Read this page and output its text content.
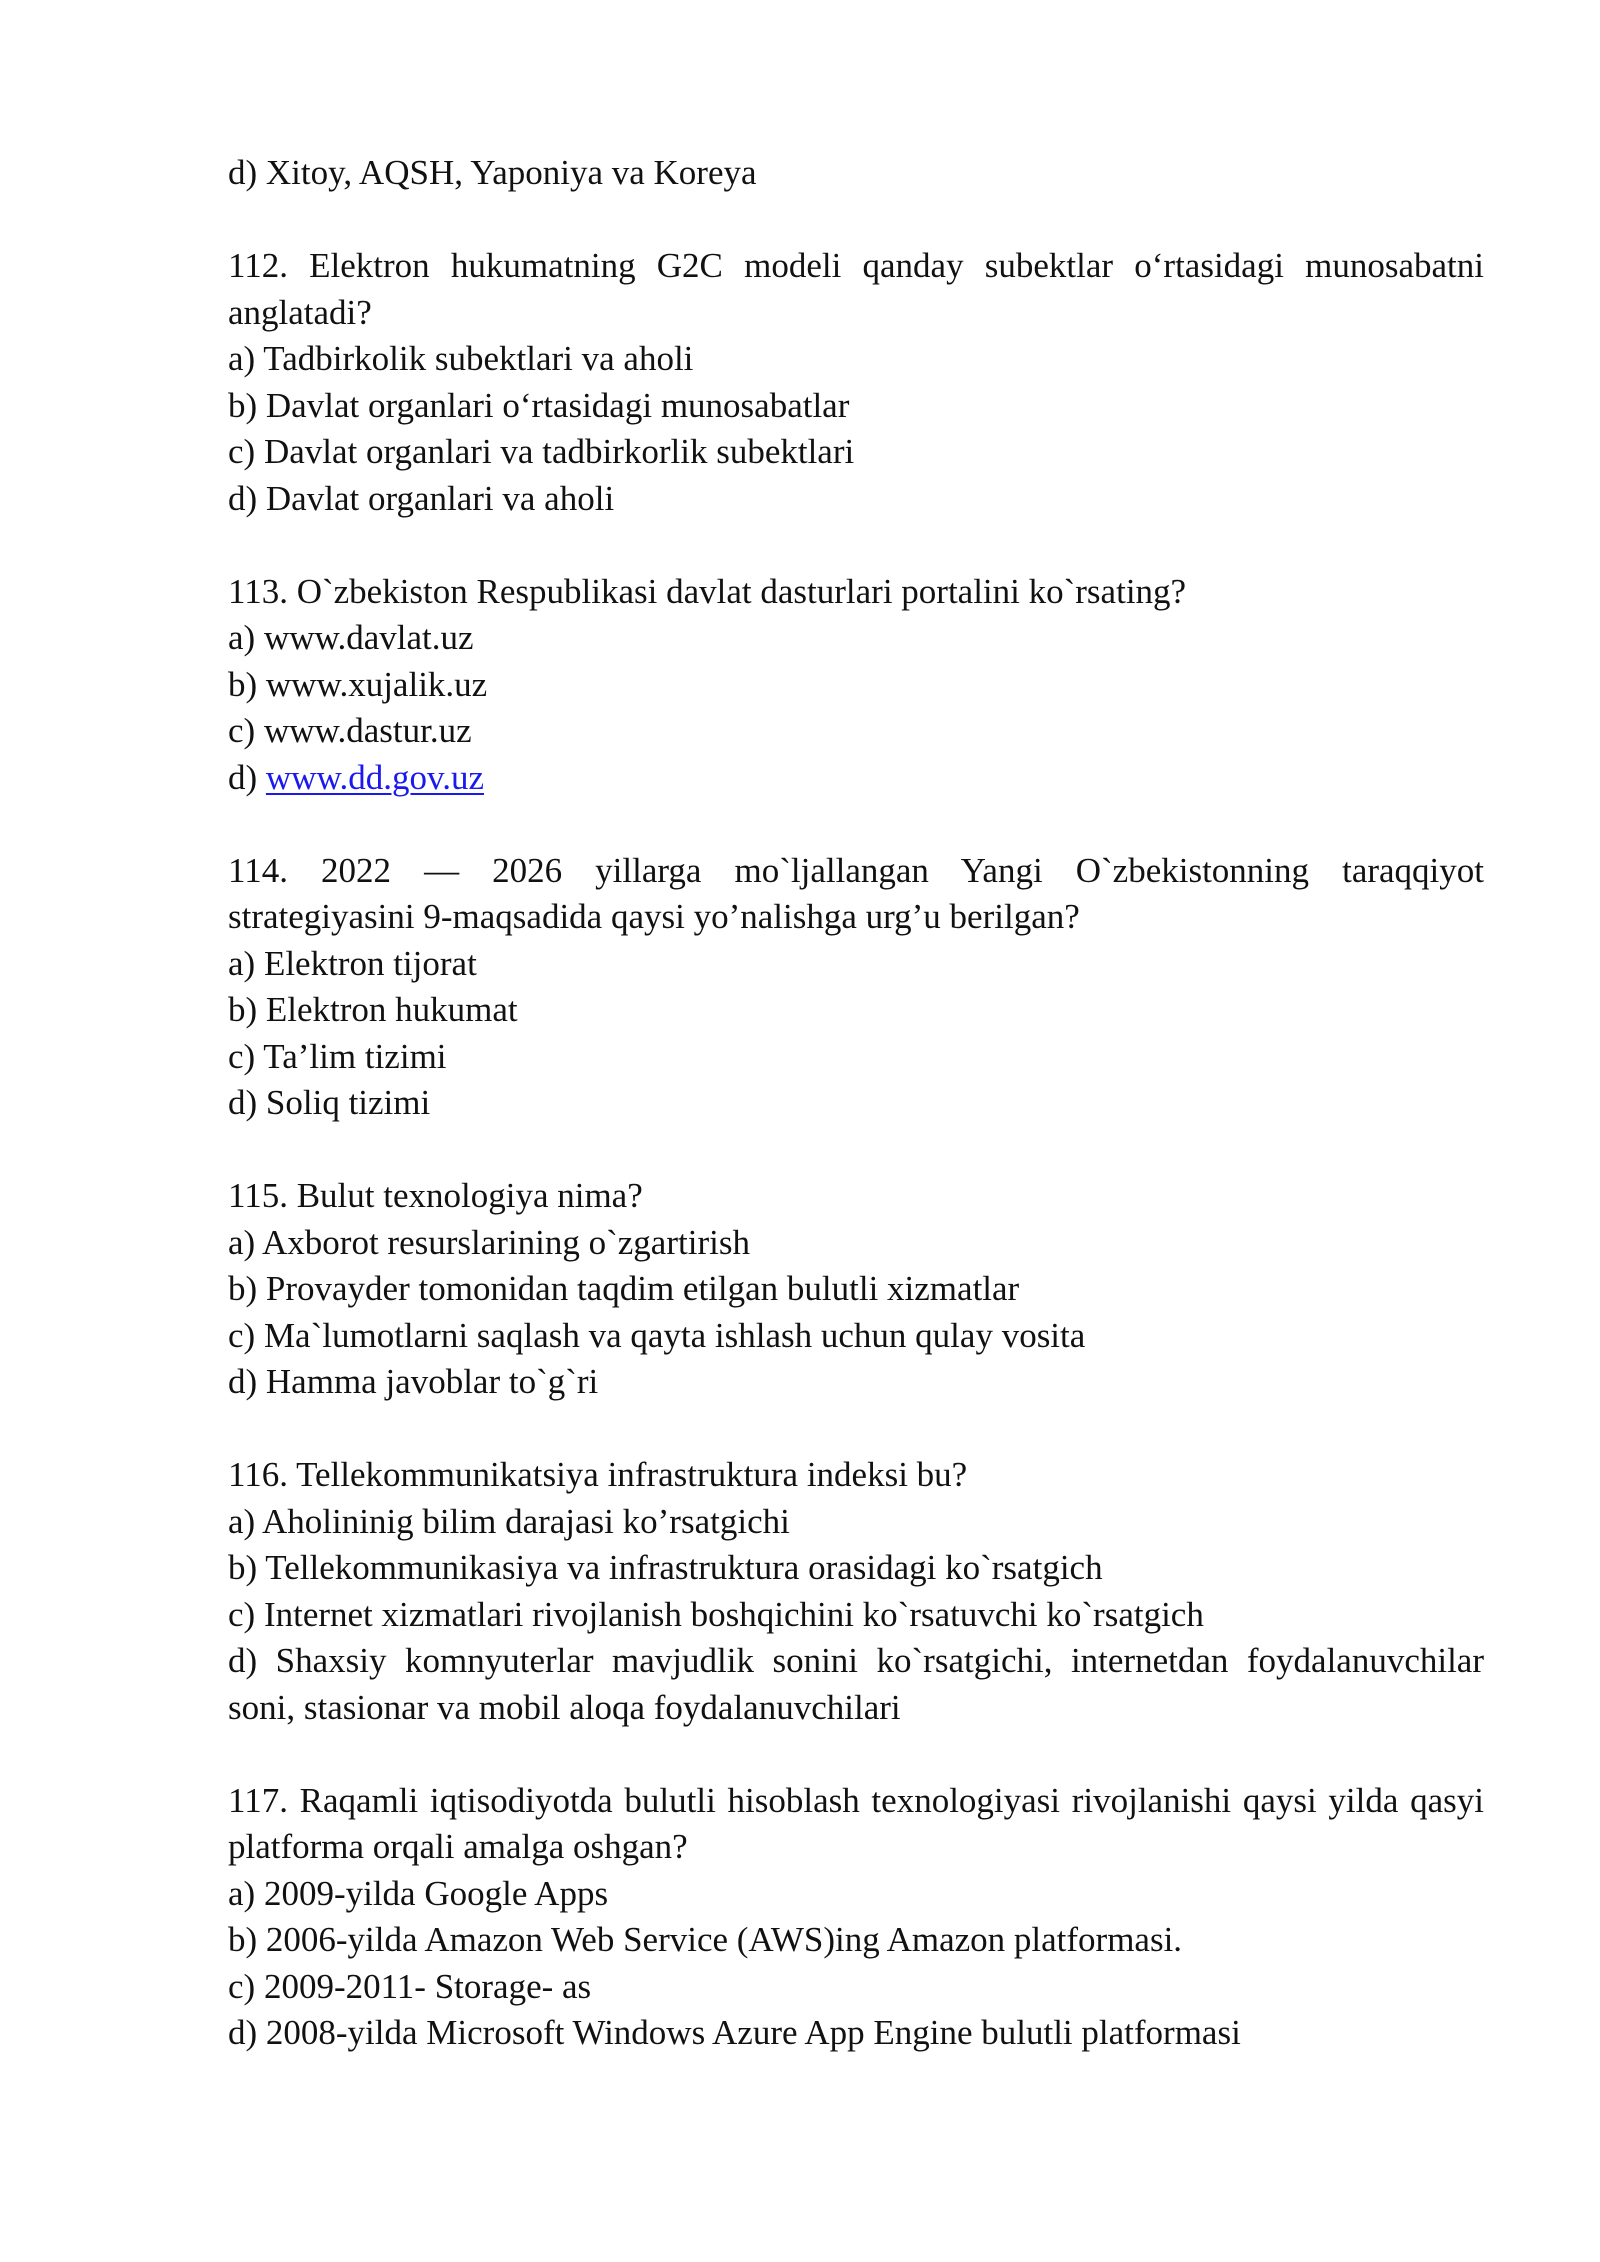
d) Xitoy, AQSH, Yaponiya va Koreya
112. Elektron hukumatning G2C modeli qanday subektlar o‘rtasidagi munosabatni anglatadi?
a) Tadbirkolik subektlari va aholi
b) Davlat organlari o‘rtasidagi munosabatlar
c) Davlat organlari va tadbirkorlik subektlari
d) Davlat organlari va aholi
113. O`zbekiston Respublikasi davlat dasturlari portalini ko`rsating?
a) www.davlat.uz
b) www.xujalik.uz
c) www.dastur.uz
d) www.dd.gov.uz
114. 2022 — 2026 yillarga mo`ljallangan Yangi O`zbekistonning taraqqiyot strategiyasini 9-maqsadida qaysi yo’nalishga urg’u berilgan?
a) Elektron tijorat
b) Elektron hukumat
c) Ta’lim tizimi
d) Soliq tizimi
115. Bulut texnologiya nima?
a) Axborot resurslarining o`zgartirish
b) Provayder tomonidan taqdim etilgan bulutli xizmatlar
c) Ma`lumotlarni saqlash va qayta ishlash uchun qulay vosita
d) Hamma javoblar to`g`ri
116. Tellekommunikatsiya infrastruktura indeksi bu?
a) Aholininig bilim darajasi ko’rsatgichi
b) Tellekommunikasiya va infrastruktura orasidagi ko`rsatgich
c) Internet xizmatlari rivojlanish boshqichini ko`rsatuvchi ko`rsatgich
d) Shaxsiy komnyuterlar mavjudlik sonini ko`rsatgichi, internetdan foydalanuvchilar soni, stasionar va mobil aloqa foydalanuvchilari
117. Raqamli iqtisodiyotda bulutli hisoblash texnologiyasi rivojlanishi qaysi yilda qasyi platforma orqali amalga oshgan?
a) 2009-yilda Google Apps
b) 2006-yilda Amazon Web Service (AWS)ing Amazon platformasi.
c) 2009-2011- Storage- as
d) 2008-yilda Microsoft Windows Azure App Engine bulutli platformasi
